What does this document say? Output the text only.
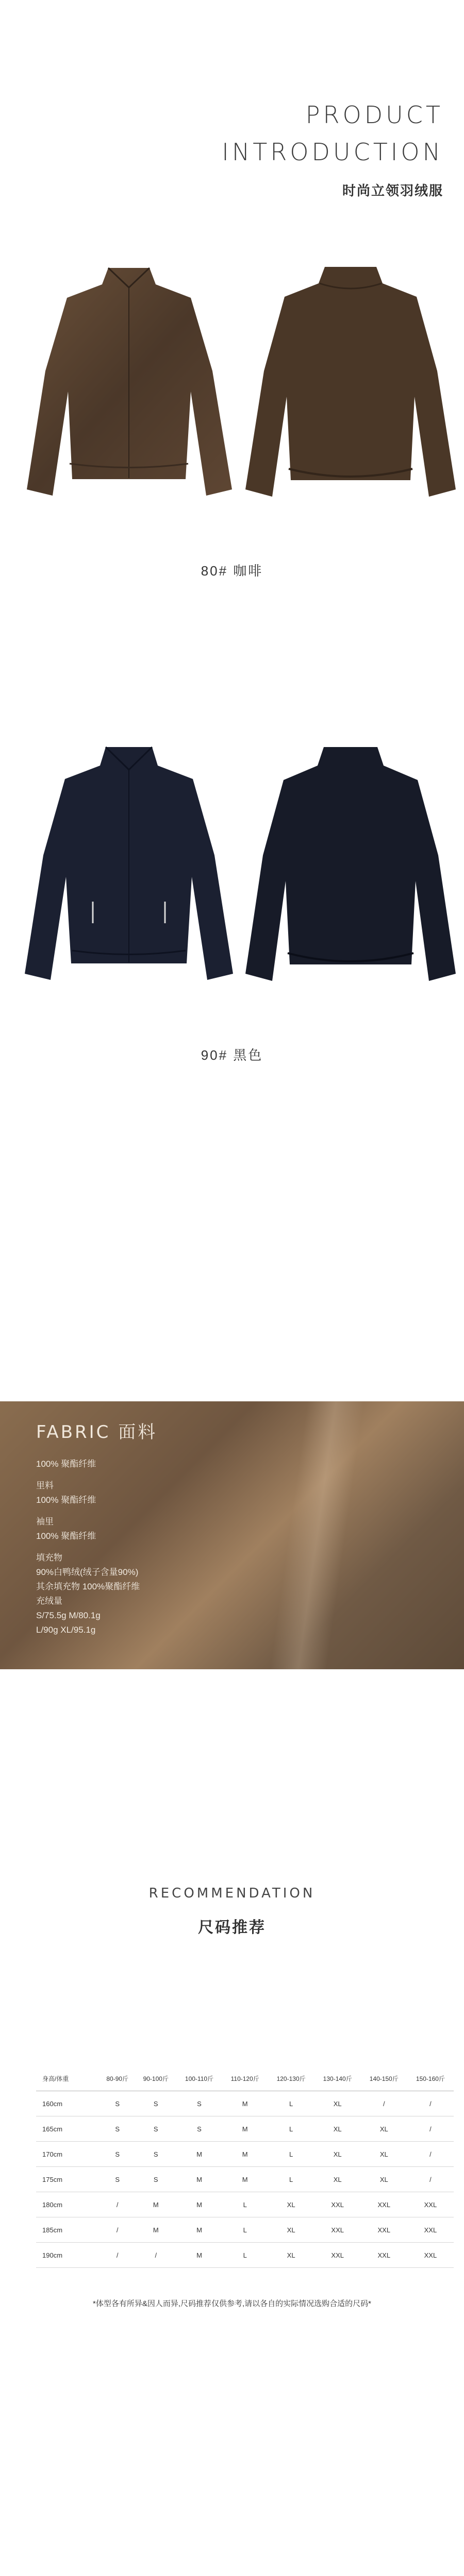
PRODUCT
INTRODUCTION
时尚立领羽绒服
80# 咖啡
90# 黑色
FABRIC 面料
100% 聚酯纤维
里料
100% 聚酯纤维
袖里
100% 聚酯纤维
填充物
90%白鸭绒(绒子含量90%)
其余填充物 100%聚酯纤维
充绒量
S/75.5g M/80.1g
L/90g XL/95.1g
RECOMMENDATION
尺码推荐
身高/体重	80-90斤	90-100斤	100-110斤	110-120斤	120-130斤	130-140斤	140-150斤	150-160斤
160cm	S	S	S	M	L	XL	/	/
165cm	S	S	S	M	L	XL	XL	/
170cm	S	S	M	M	L	XL	XL	/
175cm	S	S	M	M	L	XL	XL	/
180cm	/	M	M	L	XL	XXL	XXL	XXL
185cm	/	M	M	L	XL	XXL	XXL	XXL
190cm	/	/	M	L	XL	XXL	XXL	XXL
*体型各有所异&因人而异,尺码推荐仅供参考,请以各自的实际情况选购合适的尺码*
